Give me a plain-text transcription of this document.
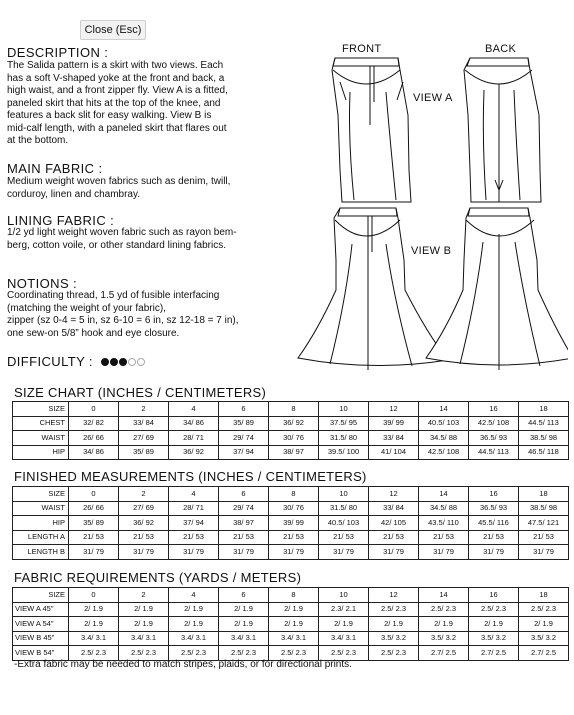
Close (Esc)
DESCRIPTION :
The Salida pattern is a skirt with two views. Each
has a soft V-shaped yoke at the front and back, a
high waist, and a front zipper fly. View A is a fitted,
paneled skirt that hits at the top of the knee, and
features a back slit for easy walking. View B is
mid-calf length, with a paneled skirt that flares out
at the bottom.
MAIN FABRIC :
Medium weight woven fabrics such as denim, twill,
corduroy, linen and chambray.
LINING FABRIC :
1/2 yd light weight woven fabric such as rayon bem-
berg, cotton voile, or other standard lining fabrics.
NOTIONS :
Coordinating thread, 1.5 yd of fusible interfacing
(matching the weight of your fabric),
zipper (sz 0-4 = 5 in, sz 6-10 = 6 in, sz 12-18 = 7 in),
one sew-on 5/8” hook and eye closure.
DIFFICULTY :
FRONT	BACK
VIEW A
VIEW B
SIZE CHART (INCHES / CENTIMETERS)
SIZE	0	2	4	6	8	10	12	14	16	18
CHEST	32/ 82	33/ 84	34/ 86	35/ 89	36/ 92	37.5/ 95	39/ 99	40.5/ 103	42.5/ 108	44.5/ 113
WAIST	26/ 66	27/ 69	28/ 71	29/ 74	30/ 76	31.5/ 80	33/ 84	34.5/ 88	36.5/ 93	38.5/ 98
HIP	34/ 86	35/ 89	36/ 92	37/ 94	38/ 97	39.5/ 100	41/ 104	42.5/ 108	44.5/ 113	46.5/ 118
FINISHED MEASUREMENTS (INCHES / CENTIMETERS)
SIZE	0	2	4	6	8	10	12	14	16	18
WAIST	26/ 66	27/ 69	28/ 71	29/ 74	30/ 76	31.5/ 80	33/ 84	34.5/ 88	36.5/ 93	38.5/ 98
HIP	35/ 89	36/ 92	37/ 94	38/ 97	39/ 99	40.5/ 103	42/ 105	43.5/ 110	45.5/ 116	47.5/ 121
LENGTH A	21/ 53	21/ 53	21/ 53	21/ 53	21/ 53	21/ 53	21/ 53	21/ 53	21/ 53	21/ 53
LENGTH B	31/ 79	31/ 79	31/ 79	31/ 79	31/ 79	31/ 79	31/ 79	31/ 79	31/ 79	31/ 79
FABRIC REQUIREMENTS (YARDS / METERS)
SIZE	0	2	4	6	8	10	12	14	16	18
VIEW A 45"	2/ 1.9	2/ 1.9	2/ 1.9	2/ 1.9	2/ 1.9	2.3/ 2.1	2.5/ 2.3	2.5/ 2.3	2.5/ 2.3	2.5/ 2.3
VIEW A 54"	2/ 1.9	2/ 1.9	2/ 1.9	2/ 1.9	2/ 1.9	2/ 1.9	2/ 1.9	2/ 1.9	2/ 1.9	2/ 1.9
VIEW B 45"	3.4/ 3.1	3.4/ 3.1	3.4/ 3.1	3.4/ 3.1	3.4/ 3.1	3.4/ 3.1	3.5/ 3.2	3.5/ 3.2	3.5/ 3.2	3.5/ 3.2
VIEW B 54"	2.5/ 2.3	2.5/ 2.3	2.5/ 2.3	2.5/ 2.3	2.5/ 2.3	2.5/ 2.3	2.5/ 2.3	2.7/ 2.5	2.7/ 2.5	2.7/ 2.5
-Extra fabric may be needed to match stripes, plaids, or for directional prints.
